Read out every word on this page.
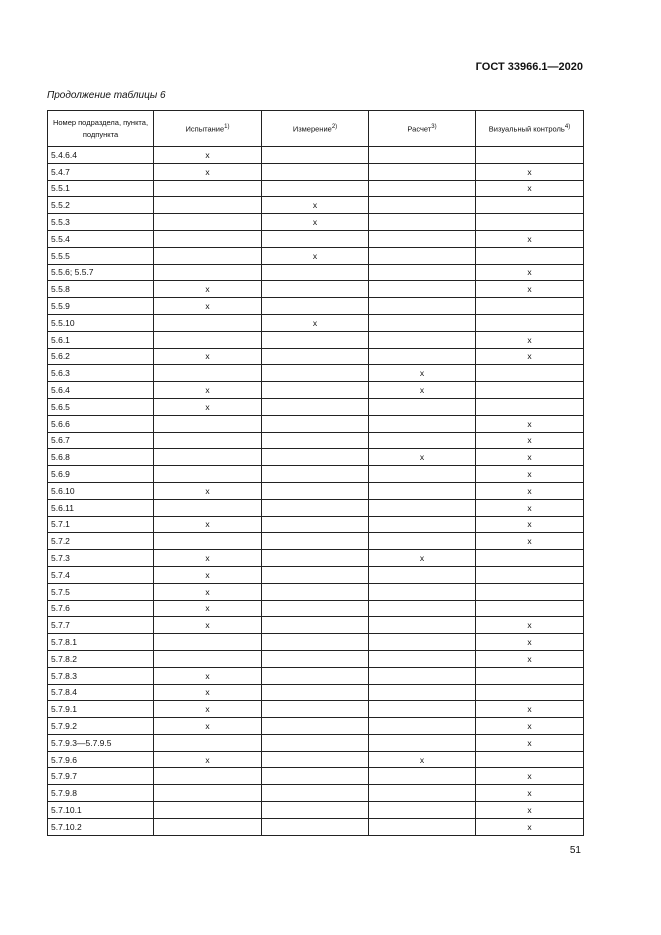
ГОСТ 33966.1—2020
Продолжение таблицы 6
Номер подраздела, пункта, подпункта	Испытание$^{1)}$	Измерение$^{2)}$	Расчет$^{3)}$	Визуальный контроль$^{4)}$
5.4.6.4	x			
5.4.7	x			x
5.5.1				x
5.5.2		x		
5.5.3		x		
5.5.4				x
5.5.5		x		
5.5.6; 5.5.7				x
5.5.8	x			x
5.5.9	x			
5.5.10		x		
5.6.1				x
5.6.2	x			x
5.6.3			x	
5.6.4	x		x	
5.6.5	x			
5.6.6				x
5.6.7				x
5.6.8			x	x
5.6.9				x
5.6.10	x			x
5.6.11				x
5.7.1	x			x
5.7.2				x
5.7.3	x		x	
5.7.4	x			
5.7.5	x			
5.7.6	x			
5.7.7	x			x
5.7.8.1				x
5.7.8.2				x
5.7.8.3	x			
5.7.8.4	x			
5.7.9.1	x			x
5.7.9.2	x			x
5.7.9.3—5.7.9.5				x
5.7.9.6	x		x	
5.7.9.7				x
5.7.9.8				x
5.7.10.1				x
5.7.10.2				x
51
